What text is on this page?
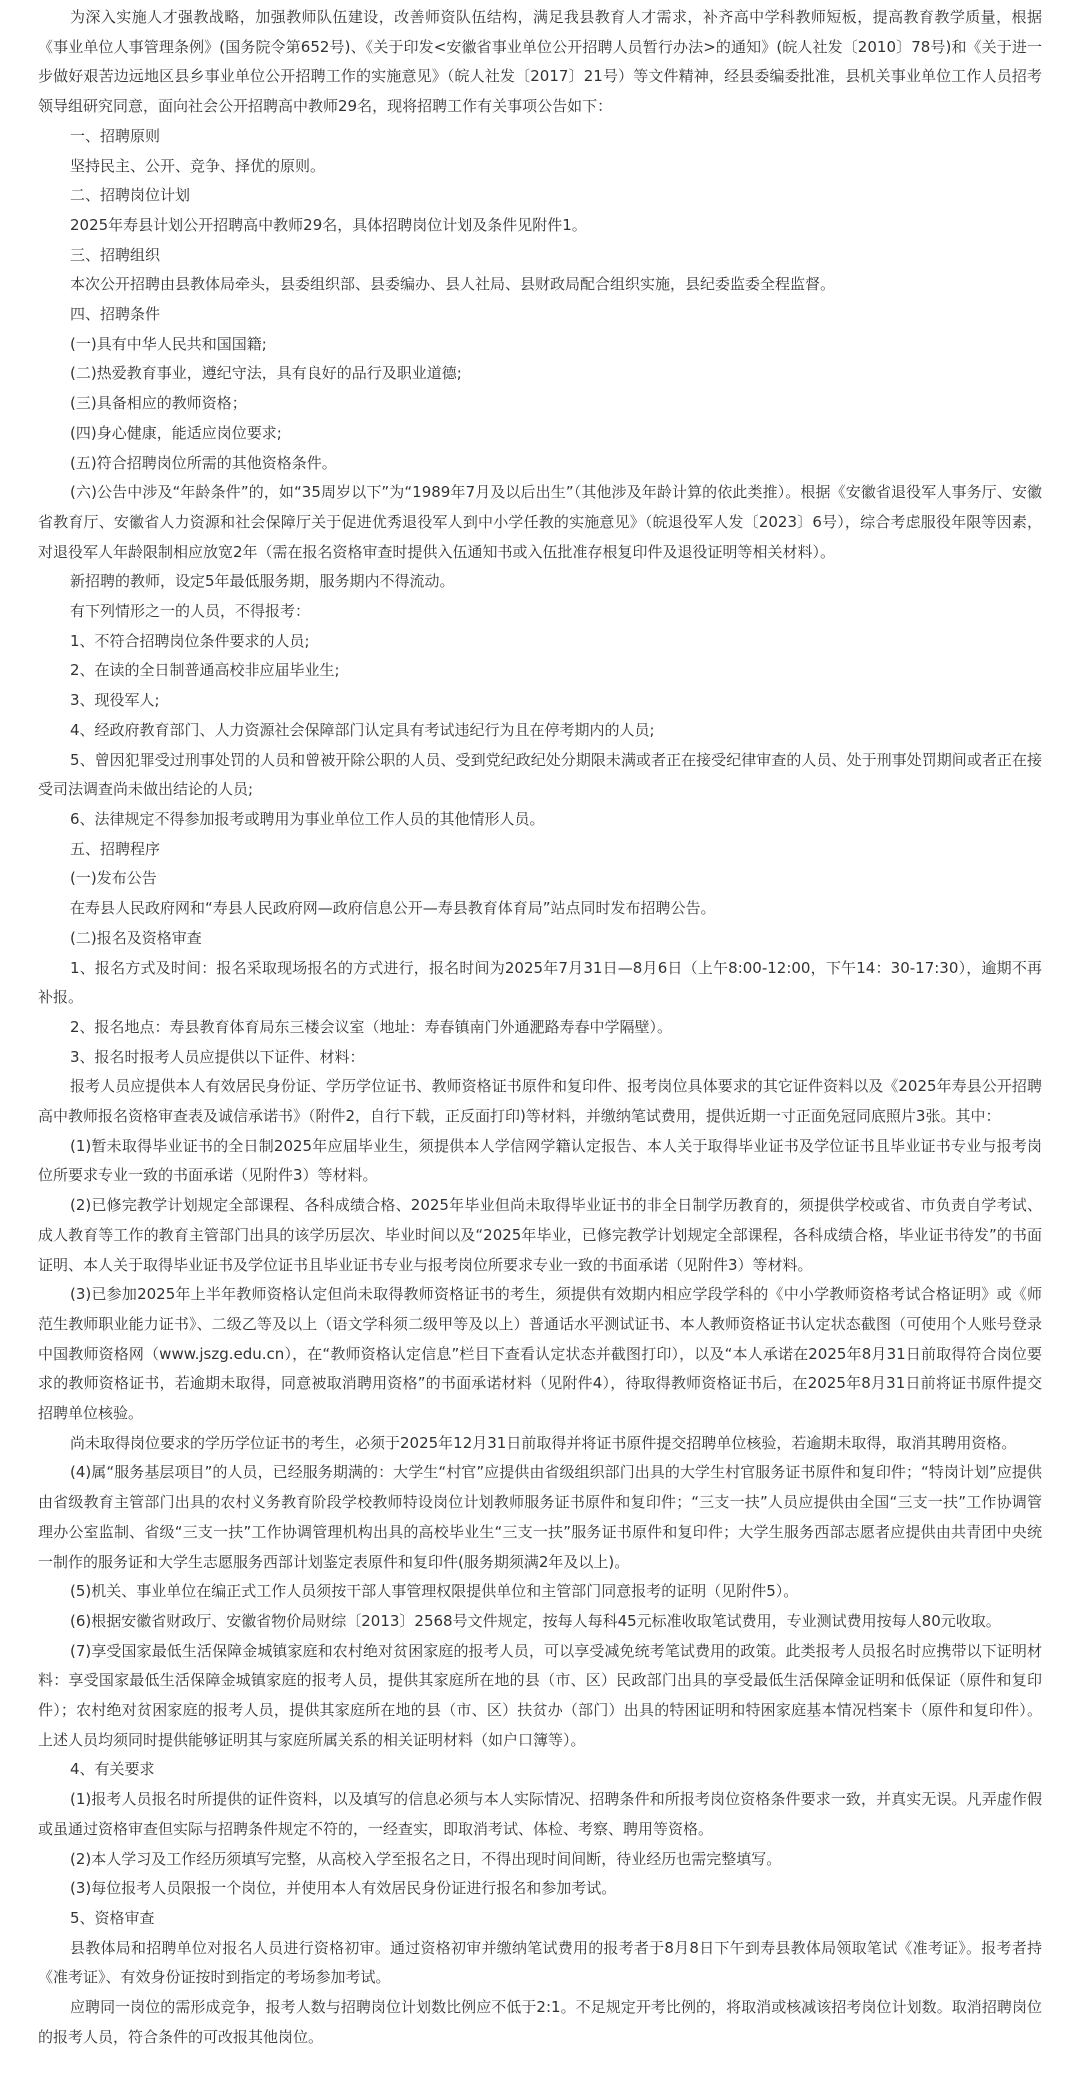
为深入实施人才强教战略，加强教师队伍建设，改善师资队伍结构，满足我县教育人才需求，补齐高中学科教师短板，提高教育教学质量，根据《事业单位人事管理条例》(国务院令第652号)、《关于印发<安徽省事业单位公开招聘人员暂行办法>的通知》(皖人社发〔2010〕78号)和《关于进一步做好艰苦边远地区县乡事业单位公开招聘工作的实施意见》（皖人社发〔2017〕21号）等文件精神，经县委编委批准，县机关事业单位工作人员招考领导组研究同意，面向社会公开招聘高中教师29名，现将招聘工作有关事项公告如下：

一、招聘原则

坚持民主、公开、竞争、择优的原则。

二、招聘岗位计划

2025年寿县计划公开招聘高中教师29名，具体招聘岗位计划及条件见附件1。

三、招聘组织

本次公开招聘由县教体局牵头，县委组织部、县委编办、县人社局、县财政局配合组织实施，县纪委监委全程监督。

四、招聘条件

(一)具有中华人民共和国国籍;

(二)热爱教育事业，遵纪守法，具有良好的品行及职业道德;

(三)具备相应的教师资格；

(四)身心健康，能适应岗位要求;

(五)符合招聘岗位所需的其他资格条件。

(六)公告中涉及“年龄条件”的，如“35周岁以下”为“1989年7月及以后出生”（其他涉及年龄计算的依此类推）。根据《安徽省退役军人事务厅、安徽省教育厅、安徽省人力资源和社会保障厅关于促进优秀退役军人到中小学任教的实施意见》（皖退役军人发〔2023〕6号），综合考虑服役年限等因素，对退役军人年龄限制相应放宽2年（需在报名资格审查时提供入伍通知书或入伍批准存根复印件及退役证明等相关材料）。

新招聘的教师，设定5年最低服务期，服务期内不得流动。

有下列情形之一的人员，不得报考：

1、不符合招聘岗位条件要求的人员;

2、在读的全日制普通高校非应届毕业生;

3、现役军人;

4、经政府教育部门、人力资源社会保障部门认定具有考试违纪行为且在停考期内的人员;

5、曾因犯罪受过刑事处罚的人员和曾被开除公职的人员、受到党纪政纪处分期限未满或者正在接受纪律审查的人员、处于刑事处罚期间或者正在接受司法调查尚未做出结论的人员;

6、法律规定不得参加报考或聘用为事业单位工作人员的其他情形人员。

五、招聘程序

(一)发布公告

在寿县人民政府网和“寿县人民政府网—政府信息公开—寿县教育体育局”站点同时发布招聘公告。

(二)报名及资格审查

1、报名方式及时间：报名采取现场报名的方式进行，报名时间为2025年7月31日—8月6日（上午8:00-12:00，下午14：30-17:30），逾期不再补报。

2、报名地点：寿县教育体育局东三楼会议室（地址：寿春镇南门外通淝路寿春中学隔壁）。

3、报名时报考人员应提供以下证件、材料：

报考人员应提供本人有效居民身份证、学历学位证书、教师资格证书原件和复印件、报考岗位具体要求的其它证件资料以及《2025年寿县公开招聘高中教师报名资格审查表及诚信承诺书》（附件2，自行下载，正反面打印)等材料，并缴纳笔试费用，提供近期一寸正面免冠同底照片3张。其中：

(1)暂未取得毕业证书的全日制2025年应届毕业生，须提供本人学信网学籍认定报告、本人关于取得毕业证书及学位证书且毕业证书专业与报考岗位所要求专业一致的书面承诺（见附件3）等材料。

(2)已修完教学计划规定全部课程、各科成绩合格、2025年毕业但尚未取得毕业证书的非全日制学历教育的，须提供学校或省、市负责自学考试、成人教育等工作的教育主管部门出具的该学历层次、毕业时间以及“2025年毕业，已修完教学计划规定全部课程，各科成绩合格，毕业证书待发”的书面证明、本人关于取得毕业证书及学位证书且毕业证书专业与报考岗位所要求专业一致的书面承诺（见附件3）等材料。

(3)已参加2025年上半年教师资格认定但尚未取得教师资格证书的考生，须提供有效期内相应学段学科的《中小学教师资格考试合格证明》或《师范生教师职业能力证书》、二级乙等及以上（语文学科须二级甲等及以上）普通话水平测试证书、本人教师资格证书认定状态截图（可使用个人账号登录中国教师资格网（www.jszg.edu.cn），在“教师资格认定信息”栏目下查看认定状态并截图打印），以及“本人承诺在2025年8月31日前取得符合岗位要求的教师资格证书，若逾期未取得，同意被取消聘用资格”的书面承诺材料（见附件4），待取得教师资格证书后，在2025年8月31日前将证书原件提交招聘单位核验。

尚未取得岗位要求的学历学位证书的考生，必须于2025年12月31日前取得并将证书原件提交招聘单位核验，若逾期未取得，取消其聘用资格。

(4)属“服务基层项目”的人员，已经服务期满的：大学生“村官”应提供由省级组织部门出具的大学生村官服务证书原件和复印件；“特岗计划”应提供由省级教育主管部门出具的农村义务教育阶段学校教师特设岗位计划教师服务证书原件和复印件；“三支一扶”人员应提供由全国“三支一扶”工作协调管理办公室监制、省级“三支一扶”工作协调管理机构出具的高校毕业生“三支一扶”服务证书原件和复印件；大学生服务西部志愿者应提供由共青团中央统一制作的服务证和大学生志愿服务西部计划鉴定表原件和复印件(服务期须满2年及以上)。

(5)机关、事业单位在编正式工作人员须按干部人事管理权限提供单位和主管部门同意报考的证明（见附件5）。

(6)根据安徽省财政厅、安徽省物价局财综〔2013〕2568号文件规定，按每人每科45元标准收取笔试费用，专业测试费用按每人80元收取。

(7)享受国家最低生活保障金城镇家庭和农村绝对贫困家庭的报考人员，可以享受减免统考笔试费用的政策。此类报考人员报名时应携带以下证明材料：享受国家最低生活保障金城镇家庭的报考人员，提供其家庭所在地的县（市、区）民政部门出具的享受最低生活保障金证明和低保证（原件和复印件）；农村绝对贫困家庭的报考人员，提供其家庭所在地的县（市、区）扶贫办（部门）出具的特困证明和特困家庭基本情况档案卡（原件和复印件）。上述人员均须同时提供能够证明其与家庭所属关系的相关证明材料（如户口簿等）。

4、有关要求

(1)报考人员报名时所提供的证件资料，以及填写的信息必须与本人实际情况、招聘条件和所报考岗位资格条件要求一致，并真实无误。凡弄虚作假或虽通过资格审查但实际与招聘条件规定不符的，一经查实，即取消考试、体检、考察、聘用等资格。

(2)本人学习及工作经历须填写完整，从高校入学至报名之日，不得出现时间间断，待业经历也需完整填写。

(3)每位报考人员限报一个岗位，并使用本人有效居民身份证进行报名和参加考试。

5、资格审查

县教体局和招聘单位对报名人员进行资格初审。通过资格初审并缴纳笔试费用的报考者于8月8日下午到寿县教体局领取笔试《准考证》。报考者持《准考证》、有效身份证按时到指定的考场参加考试。

应聘同一岗位的需形成竞争，报考人数与招聘岗位计划数比例应不低于2:1。不足规定开考比例的，将取消或核减该招考岗位计划数。取消招聘岗位的报考人员，符合条件的可改报其他岗位。
